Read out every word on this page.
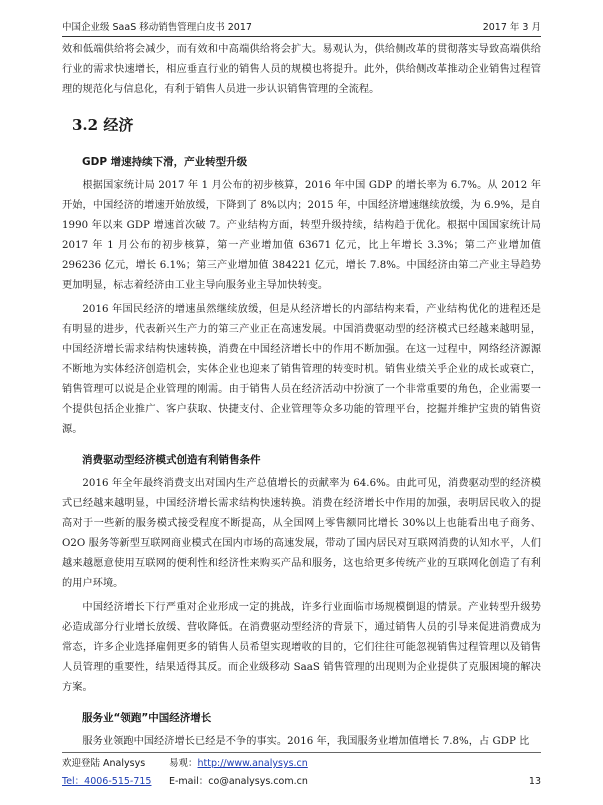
中国企业级 SaaS 移动销售管理白皮书 2017	2017 年 3 月

效和低端供给将会减少，而有效和中高端供给将会扩大。易观认为，供给侧改革的贯彻落实导致高端供给行业的需求快速增长，相应垂直行业的销售人员的规模也将提升。此外，供给侧改革推动企业销售过程管理的规范化与信息化，有利于销售人员进一步认识销售管理的全流程。

3.2 经济
GDP 增速持续下滑，产业转型升级

根据国家统计局 2017 年 1 月公布的初步核算，2016 年中国 GDP 的增长率为 6.7%。从 2012 年开始，中国经济的增速开始放缓，下降到了 8%以内；2015 年，中国经济增速继续放缓，为 6.9%，是自 1990 年以来 GDP 增速首次破 7。产业结构方面，转型升级持续，结构趋于优化。根据中国国家统计局 2017 年 1 月公布的初步核算，第一产业增加值 63671 亿元，比上年增长 3.3%；第二产业增加值 296236 亿元，增长 6.1%；第三产业增加值 384221 亿元，增长 7.8%。中国经济由第二产业主导趋势更加明显，标志着经济由工业主导向服务业主导加快转变。

2016 年国民经济的增速虽然继续放缓，但是从经济增长的内部结构来看，产业结构优化的进程还是有明显的进步，代表新兴生产力的第三产业正在高速发展。中国消费驱动型的经济模式已经越来越明显，中国经济增长需求结构快速转换，消费在中国经济增长中的作用不断加强。在这一过程中，网络经济源源不断地为实体经济创造机会，实体企业也迎来了销售管理的转变时机。销售业绩关乎企业的成长或衰亡，销售管理可以说是企业管理的刚需。由于销售人员在经济活动中扮演了一个非常重要的角色，企业需要一个提供包括企业推广、客户获取、快捷支付、企业管理等众多功能的管理平台，挖掘并维护宝贵的销售资源。

消费驱动型经济模式创造有利销售条件

2016 年全年最终消费支出对国内生产总值增长的贡献率为 64.6%。由此可见，消费驱动型的经济模式已经越来越明显，中国经济增长需求结构快速转换。消费在经济增长中作用的加强，表明居民收入的提高对于一些新的服务模式接受程度不断提高，从全国网上零售额同比增长 30%以上也能看出电子商务、O2O 服务等新型互联网商业模式在国内市场的高速发展，带动了国内居民对互联网消费的认知水平，人们越来越愿意使用互联网的便利性和经济性来购买产品和服务，这也给更多传统产业的互联网化创造了有利的用户环境。

中国经济增长下行严重对企业形成一定的挑战，许多行业面临市场规模倒退的情景。产业转型升级势必造成部分行业增长放缓、营收降低。在消费驱动型经济的背景下，通过销售人员的引导来促进消费成为常态，许多企业选择雇佣更多的销售人员希望实现增收的目的，它们往往可能忽视销售过程管理以及销售人员管理的重要性，结果适得其反。而企业级移动 SaaS 销售管理的出现则为企业提供了克服困境的解决方案。

服务业“领跑”中国经济增长

服务业领跑中国经济增长已经是不争的事实。2016 年，我国服务业增加值增长 7.8%，占 GDP 比

欢迎登陆 Analysys	易观：http://www.analysys.cn
Tel：4006-515-715 E-mail：co@analysys.com.cn	13
